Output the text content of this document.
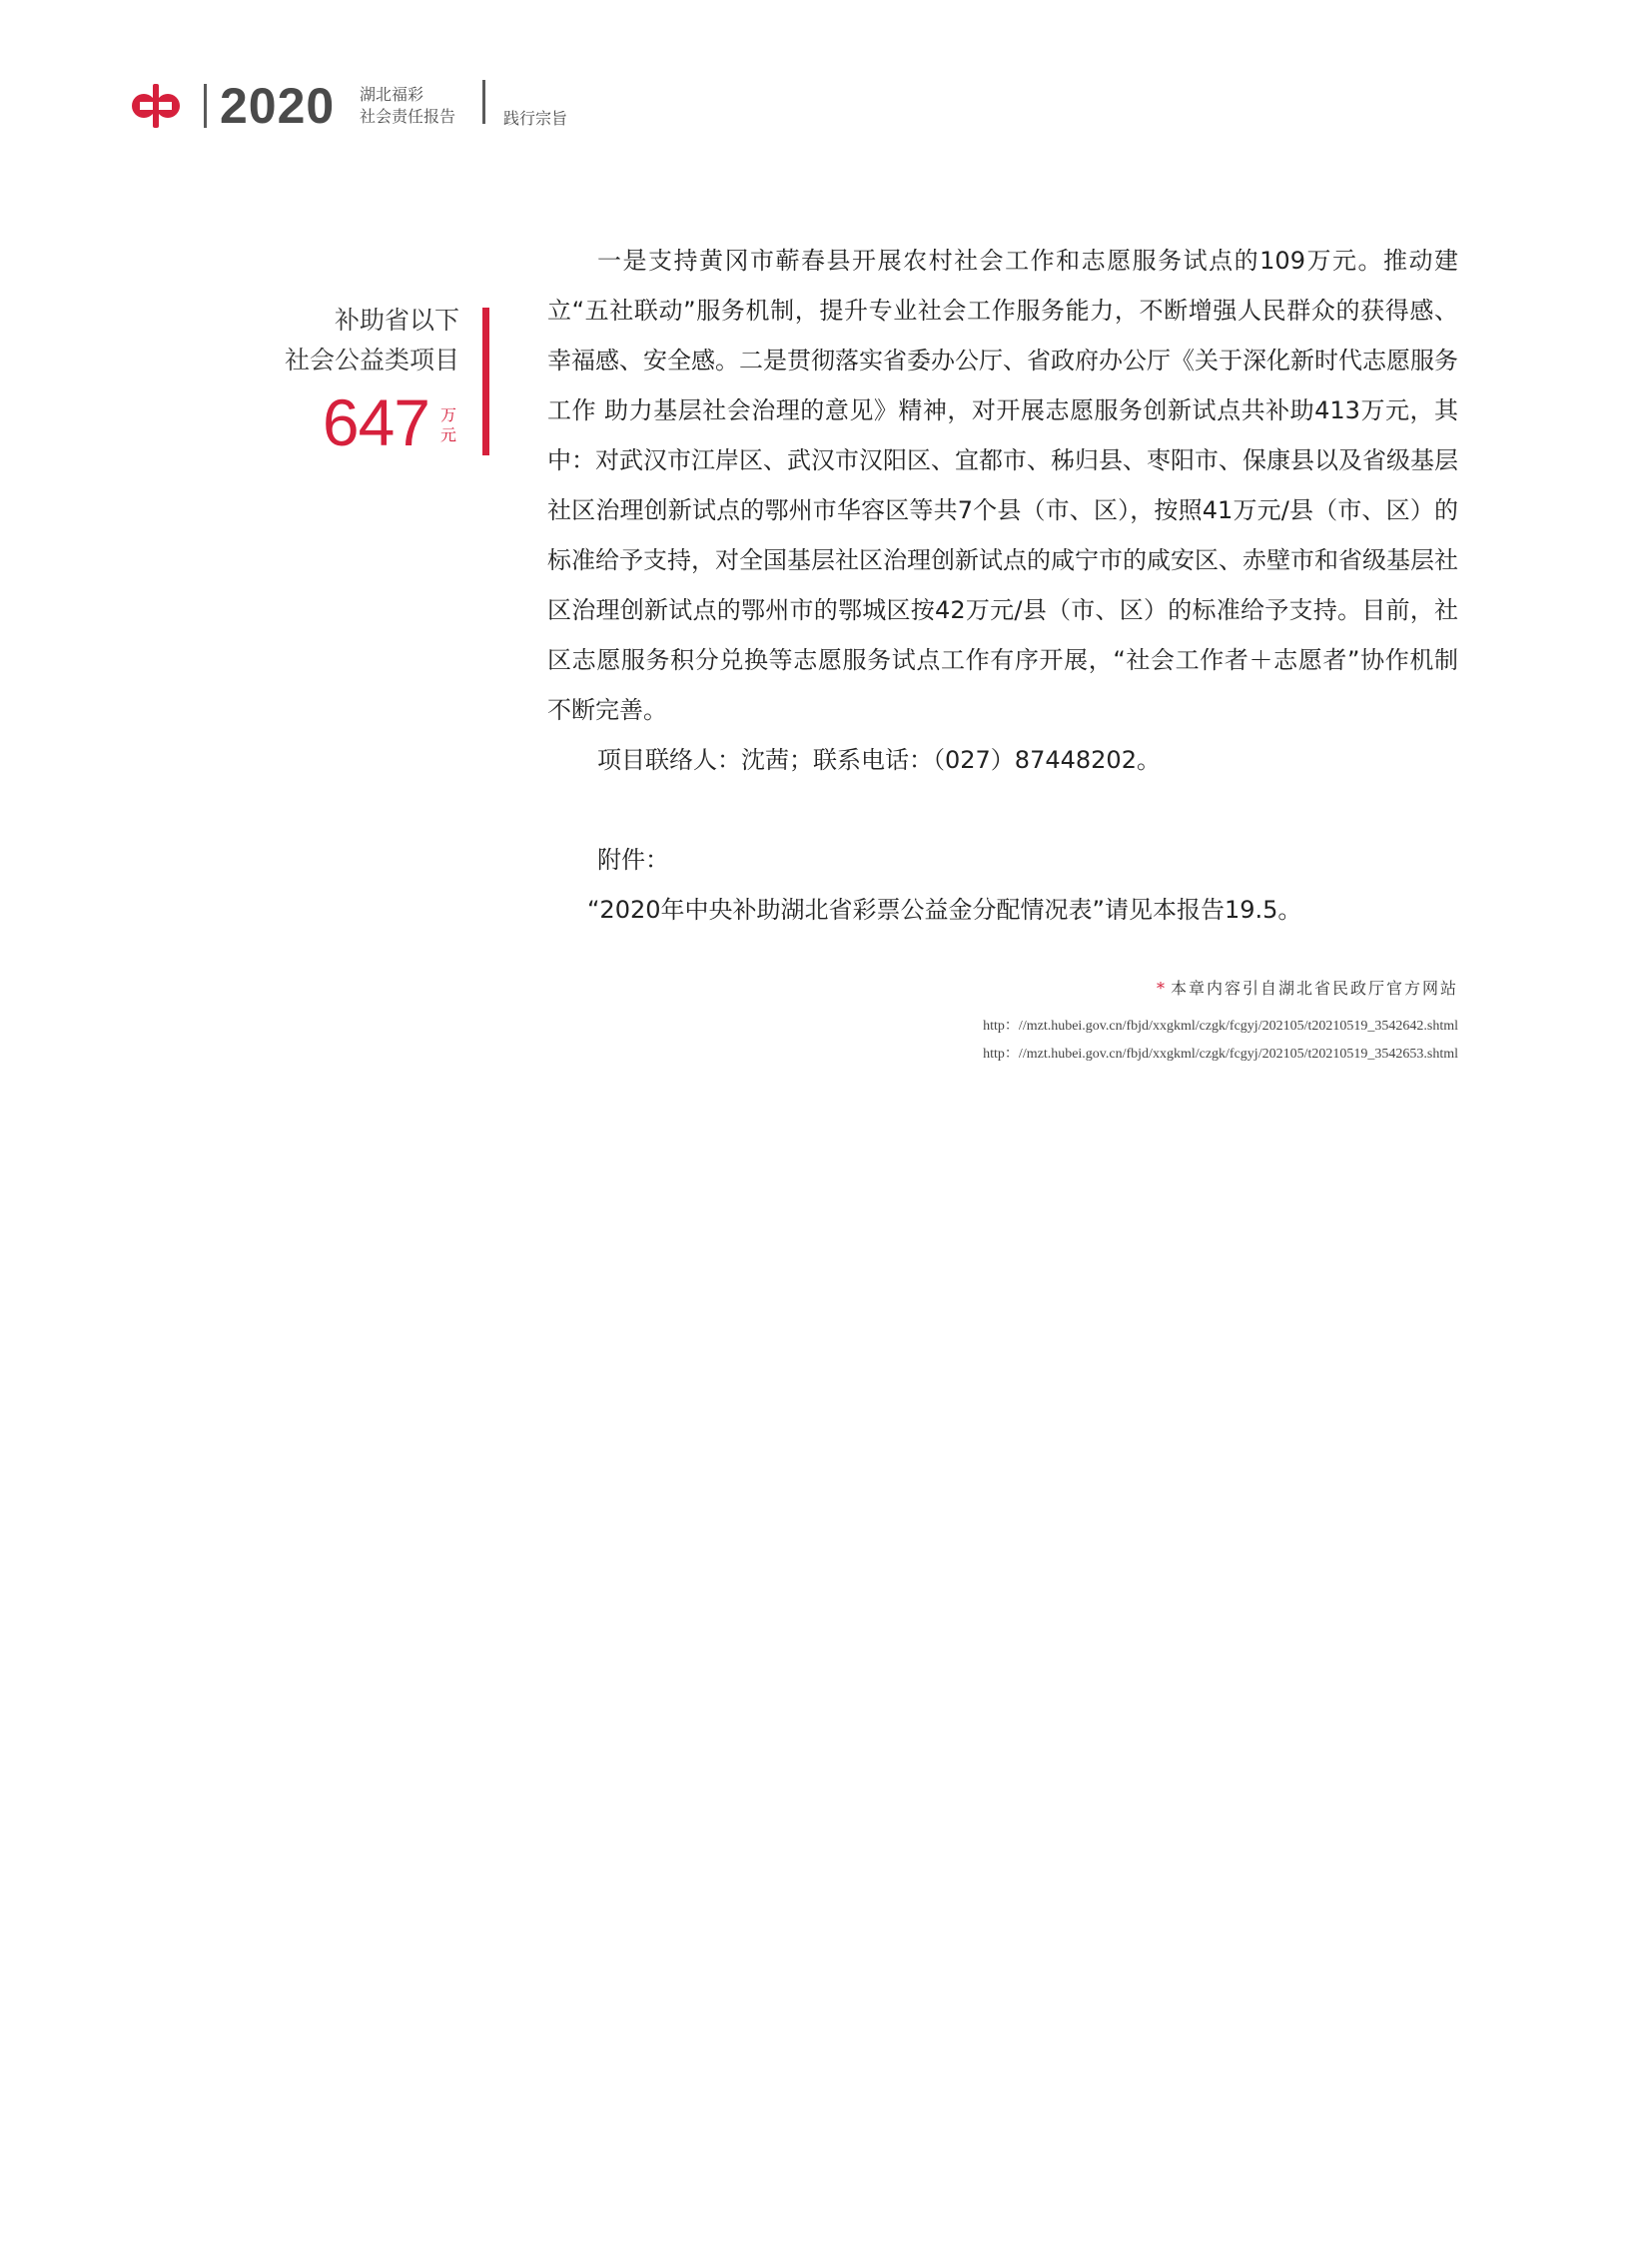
2020 湖北福彩
社会责任报告	践行宗旨
补助省以下
社会公益类项目
647 万元

一是支持黄冈市蕲春县开展农村社会工作和志愿服务试点的109万元。推动建立“五社联动”服务机制，提升专业社会工作服务能力，不断增强人民群众的获得感、幸福感、安全感。二是贯彻落实省委办公厅、省政府办公厅《关于深化新时代志愿服务工作 助力基层社会治理的意见》精神，对开展志愿服务创新试点共补助413万元，其中：对武汉市江岸区、武汉市汉阳区、宜都市、秭归县、枣阳市、保康县以及省级基层社区治理创新试点的鄂州市华容区等共7个县（市、区），按照41万元/县（市、区）的标准给予支持，对全国基层社区治理创新试点的咸宁市的咸安区、赤壁市和省级基层社区治理创新试点的鄂州市的鄂城区按42万元/县（市、区）的标准给予支持。目前，社区志愿服务积分兑换等志愿服务试点工作有序开展，“社会工作者＋志愿者”协作机制不断完善。

项目联络人：沈茜；联系电话：（027）87448202。

附件：

“2020年中央补助湖北省彩票公益金分配情况表”请见本报告19.5。

* 本章内容引自湖北省民政厅官方网站
http：//mzt.hubei.gov.cn/fbjd/xxgkml/czgk/fcgyj/202105/t20210519_3542642.shtml
http：//mzt.hubei.gov.cn/fbjd/xxgkml/czgk/fcgyj/202105/t20210519_3542653.shtml
